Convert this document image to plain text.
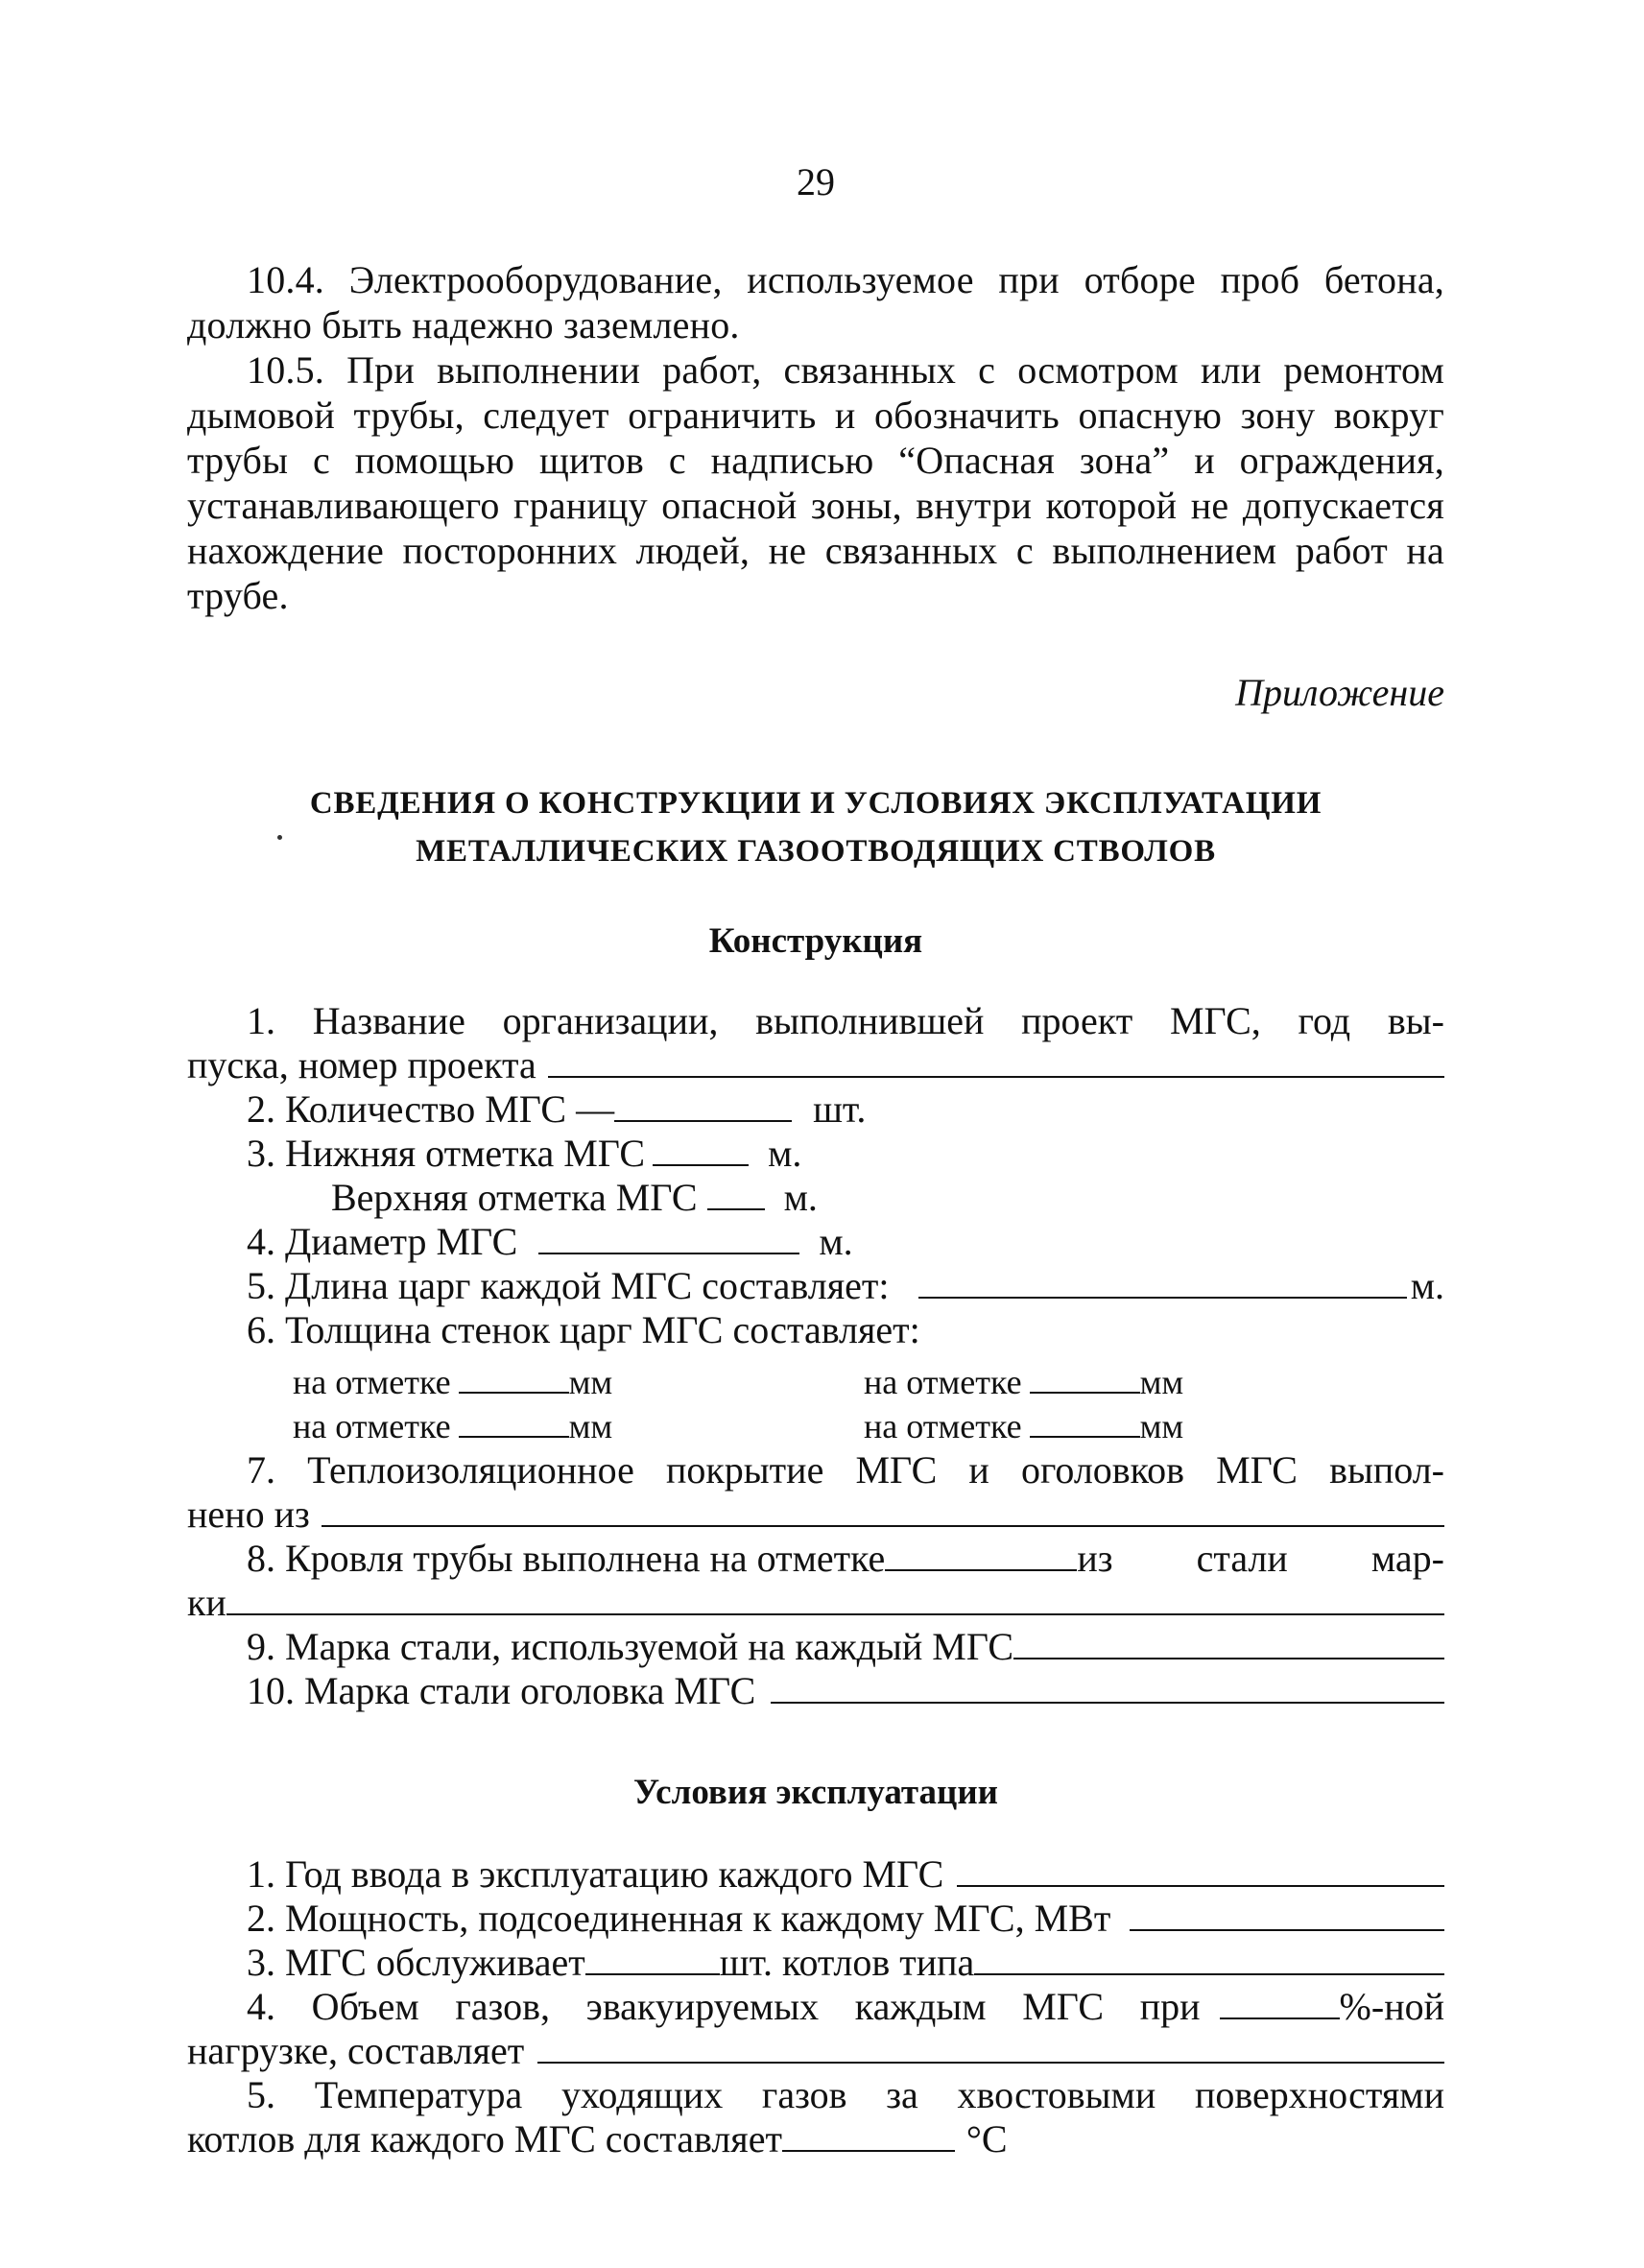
29

10.4. Электрооборудование, используемое при отборе проб бетона, должно быть надежно заземлено.

10.5. При выполнении работ, связанных с осмотром или ремонтом дымовой трубы, следует ограничить и обозначить опасную зону вокруг трубы с помощью щитов с надписью “Опасная зона” и ограждения, устанавливающего границу опасной зоны, внутри которой не допускается нахождение посторонних людей, не связанных с выполнением работ на трубе.

Приложение
СВЕДЕНИЯ О КОНСТРУКЦИИ И УСЛОВИЯХ ЭКСПЛУАТАЦИИ
МЕТАЛЛИЧЕСКИХ ГАЗООТВОДЯЩИХ СТВОЛОВ
Конструкция
1. Название организации, выполнившей проект МГС, год вы-
пуска, номер проекта
2. Количество МГС —	шт.
3. Нижняя отметка МГС	м.
Верхняя отметка МГС м.
4. Диаметр МГС	м.
5. Длина царг каждой МГС составляет:	м.
6. Толщина стенок царг МГС составляет:
на отметке	мм	на отметке	мм
на отметке	мм	на отметке	мм
7. Теплоизоляционное покрытие МГС и оголовков МГС выпол-
нено из
8. Кровля трубы выполнена на отметке	из стали мар-
ки
9. Марка стали, используемой на каждый МГС
10. Марка стали оголовка МГС
Условия эксплуатации
1. Год ввода в эксплуатацию каждого МГС
2. Мощность, подсоединенная к каждому МГС, МВт
3. МГС обслуживает	шт. котлов типа
4. Объем газов, эвакуируемых каждым МГС при	%-ной
нагрузке, составляет
5. Температура уходящих газов за хвостовыми поверхностями
котлов для каждого МГС составляет	°С
